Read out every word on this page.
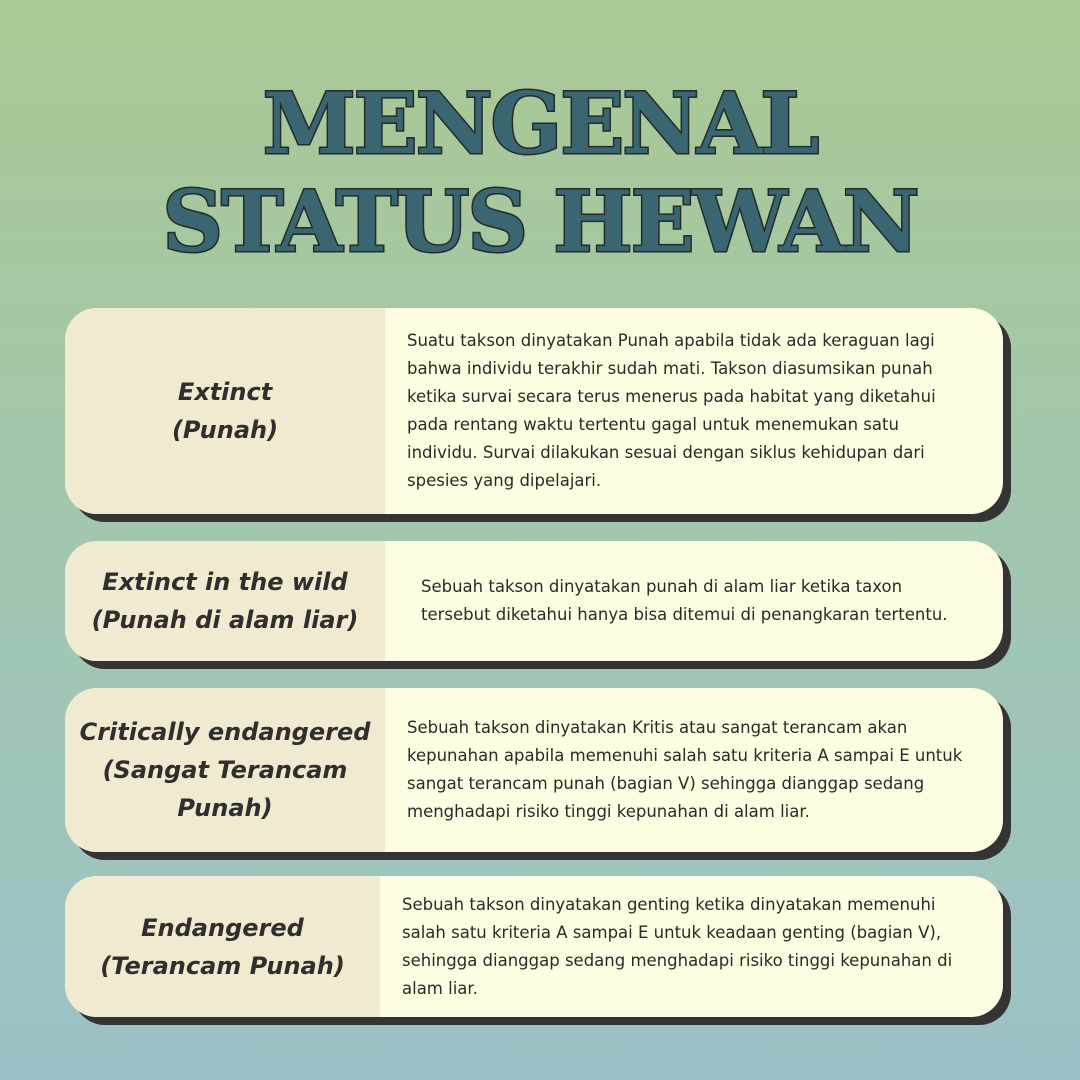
MENGENAL
STATUS HEWAN
Extinct
(Punah)
Suatu takson dinyatakan Punah apabila tidak ada keraguan lagi bahwa individu terakhir sudah mati. Takson diasumsikan punah ketika survai secara terus menerus pada habitat yang diketahui pada rentang waktu tertentu gagal untuk menemukan satu individu. Survai dilakukan sesuai dengan siklus kehidupan dari spesies yang dipelajari.
Extinct in the wild
(Punah di alam liar)
Sebuah takson dinyatakan punah di alam liar ketika taxon tersebut diketahui hanya bisa ditemui di penangkaran tertentu.
Critically endangered
(Sangat Terancam
Punah)
Sebuah takson dinyatakan Kritis atau sangat terancam akan kepunahan apabila memenuhi salah satu kriteria A sampai E untuk sangat terancam punah (bagian V) sehingga dianggap sedang menghadapi risiko tinggi kepunahan di alam liar.
Endangered
(Terancam Punah)
Sebuah takson dinyatakan genting ketika dinyatakan memenuhi salah satu kriteria A sampai E untuk keadaan genting (bagian V), sehingga dianggap sedang menghadapi risiko tinggi kepunahan di alam liar.
